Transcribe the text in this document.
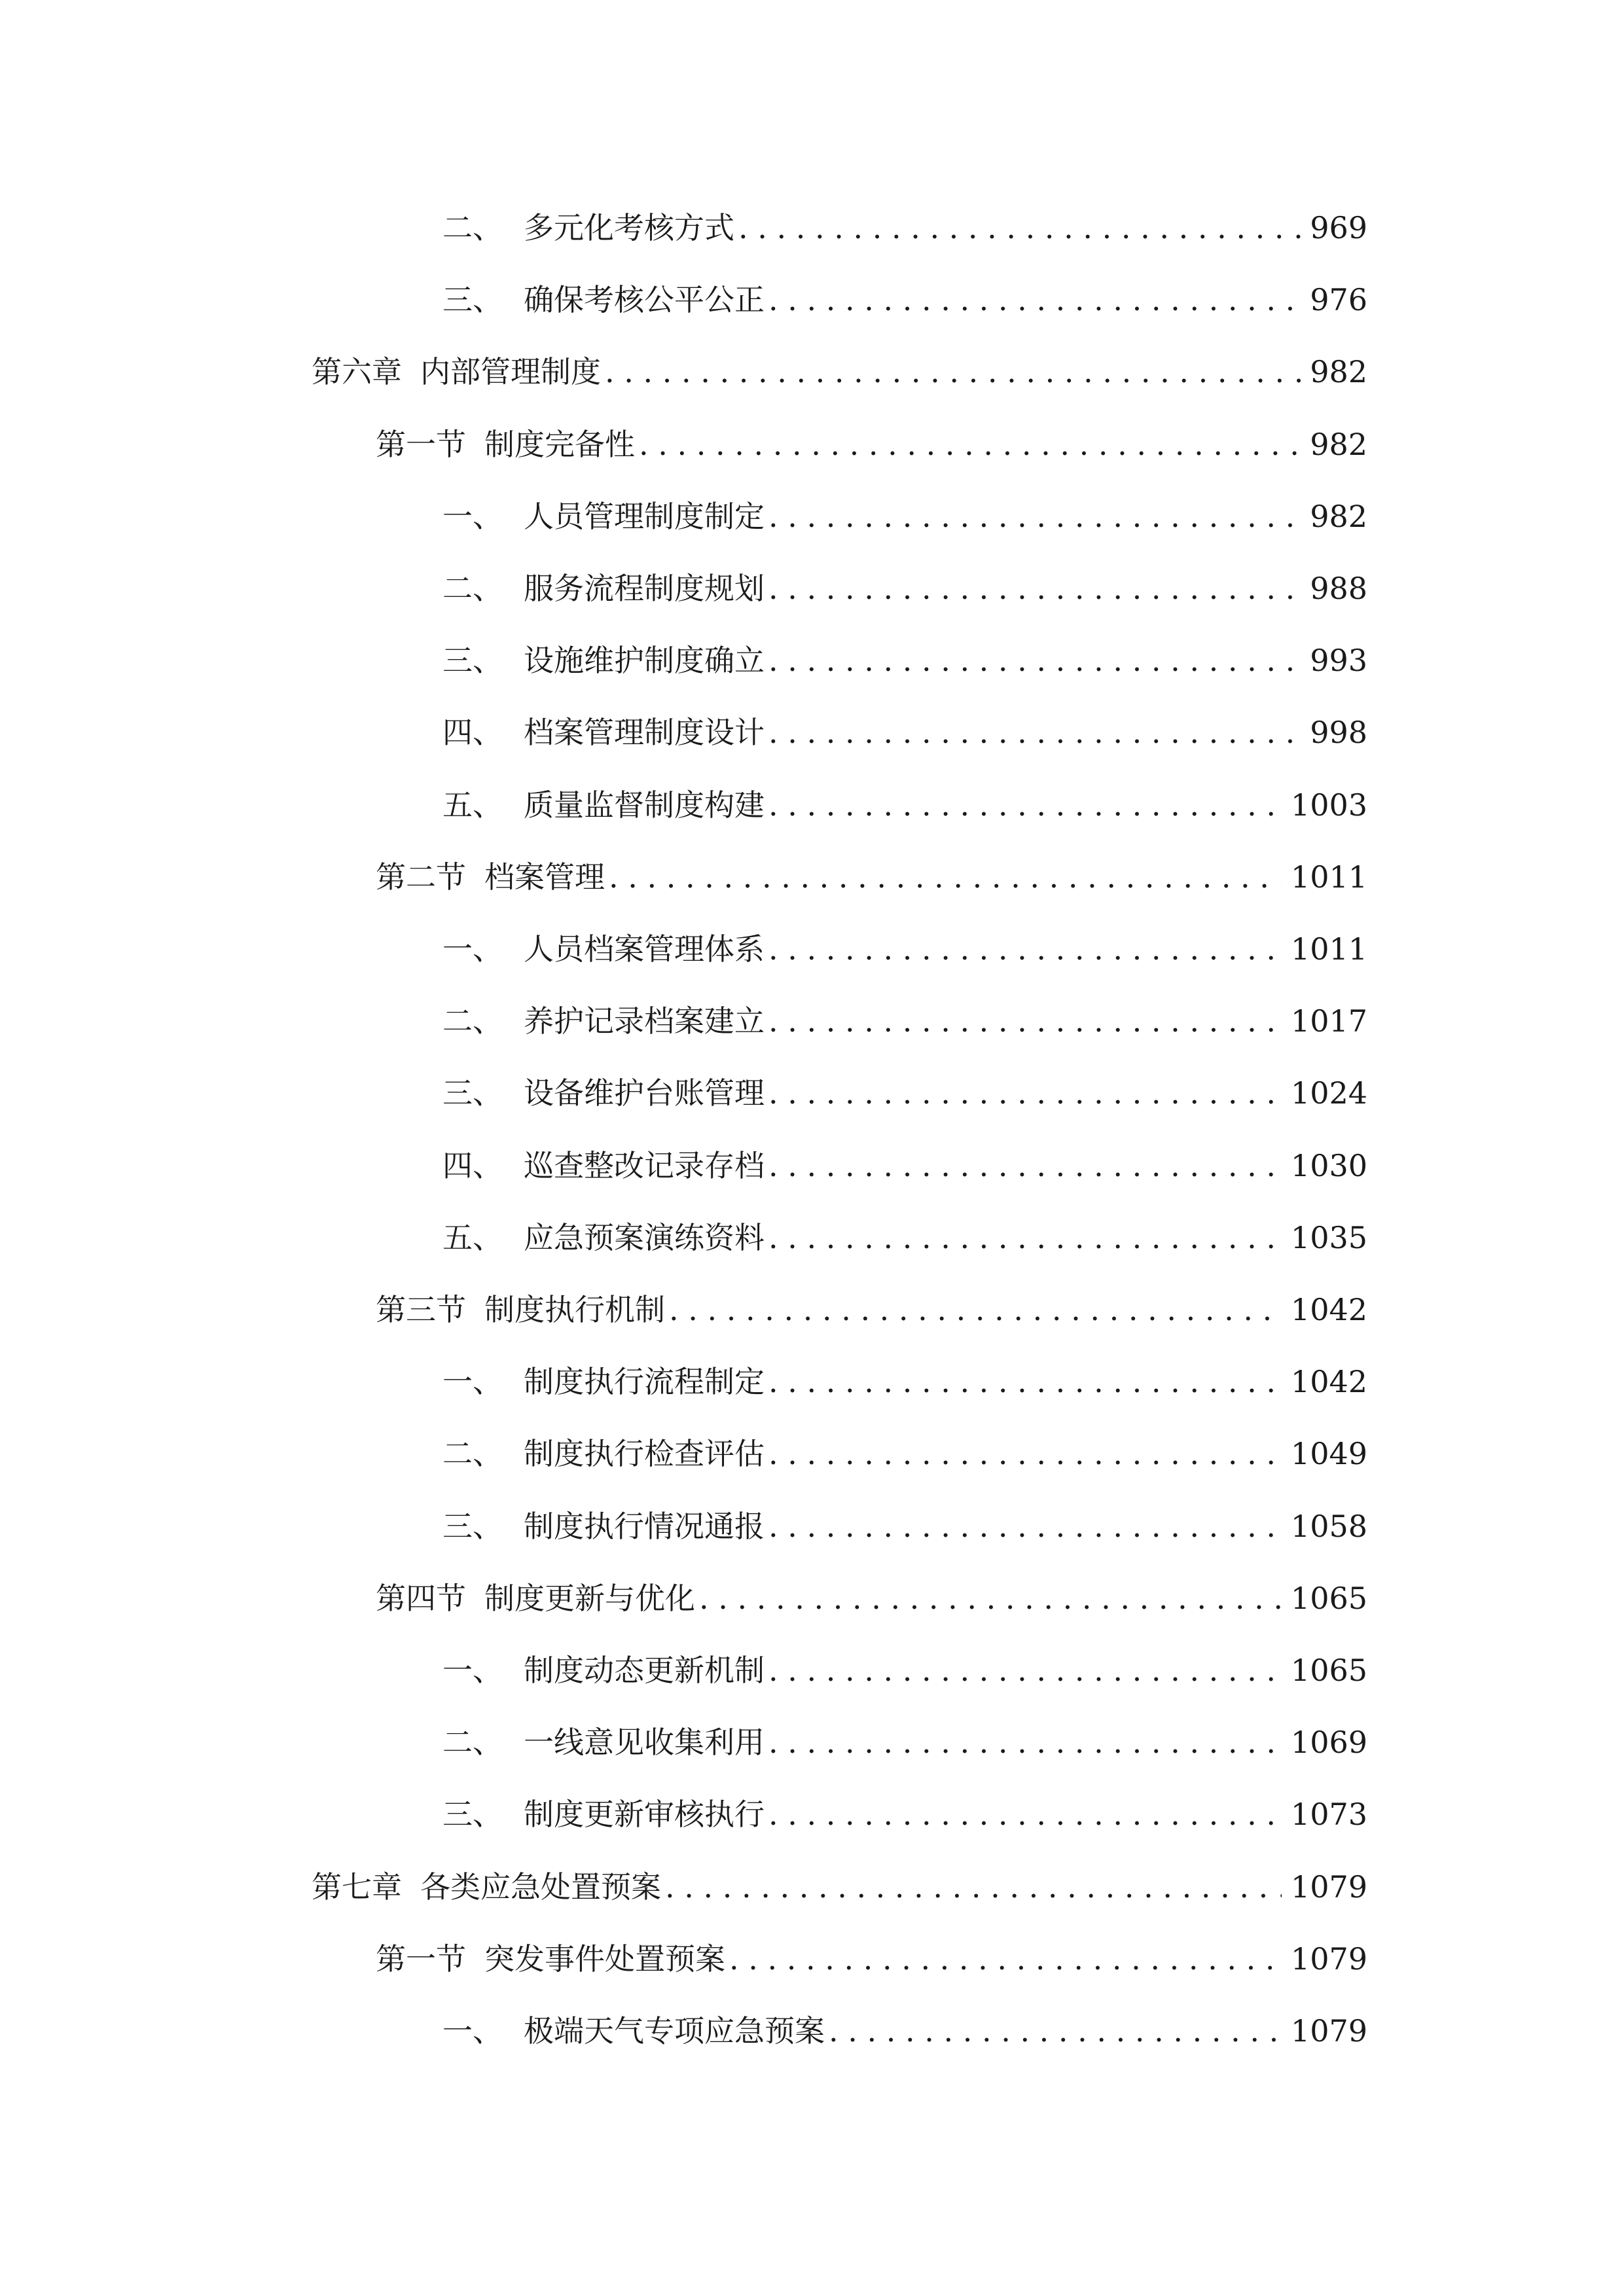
二、 多元化考核方式 . . .	969
三、 确保考核公平公正 . . .	976
第六章 内部管理制度 . . .	982
第一节 制度完备性 . . .	982
一、 人员管理制度制定 . . .	982
二、 服务流程制度规划 . . .	988
三、 设施维护制度确立 . . .	993
四、 档案管理制度设计 . . .	998
五、 质量监督制度构建 . . .	1003
第二节 档案管理 . . .	1011
一、 人员档案管理体系 . . .	1011
二、 养护记录档案建立 . . .	1017
三、 设备维护台账管理 . . .	1024
四、 巡查整改记录存档 . . .	1030
五、 应急预案演练资料 . . .	1035
第三节 制度执行机制 . . .	1042
一、 制度执行流程制定 . . .	1042
二、 制度执行检查评估 . . .	1049
三、 制度执行情况通报 . . .	1058
第四节 制度更新与优化 . . .	1065
一、 制度动态更新机制 . . .	1065
二、 一线意见收集利用 . . .	1069
三、 制度更新审核执行 . . .	1073
第七章 各类应急处置预案 . . .	1079
第一节 突发事件处置预案 . . .	1079
一、 极端天气专项应急预案 . . .	1079
